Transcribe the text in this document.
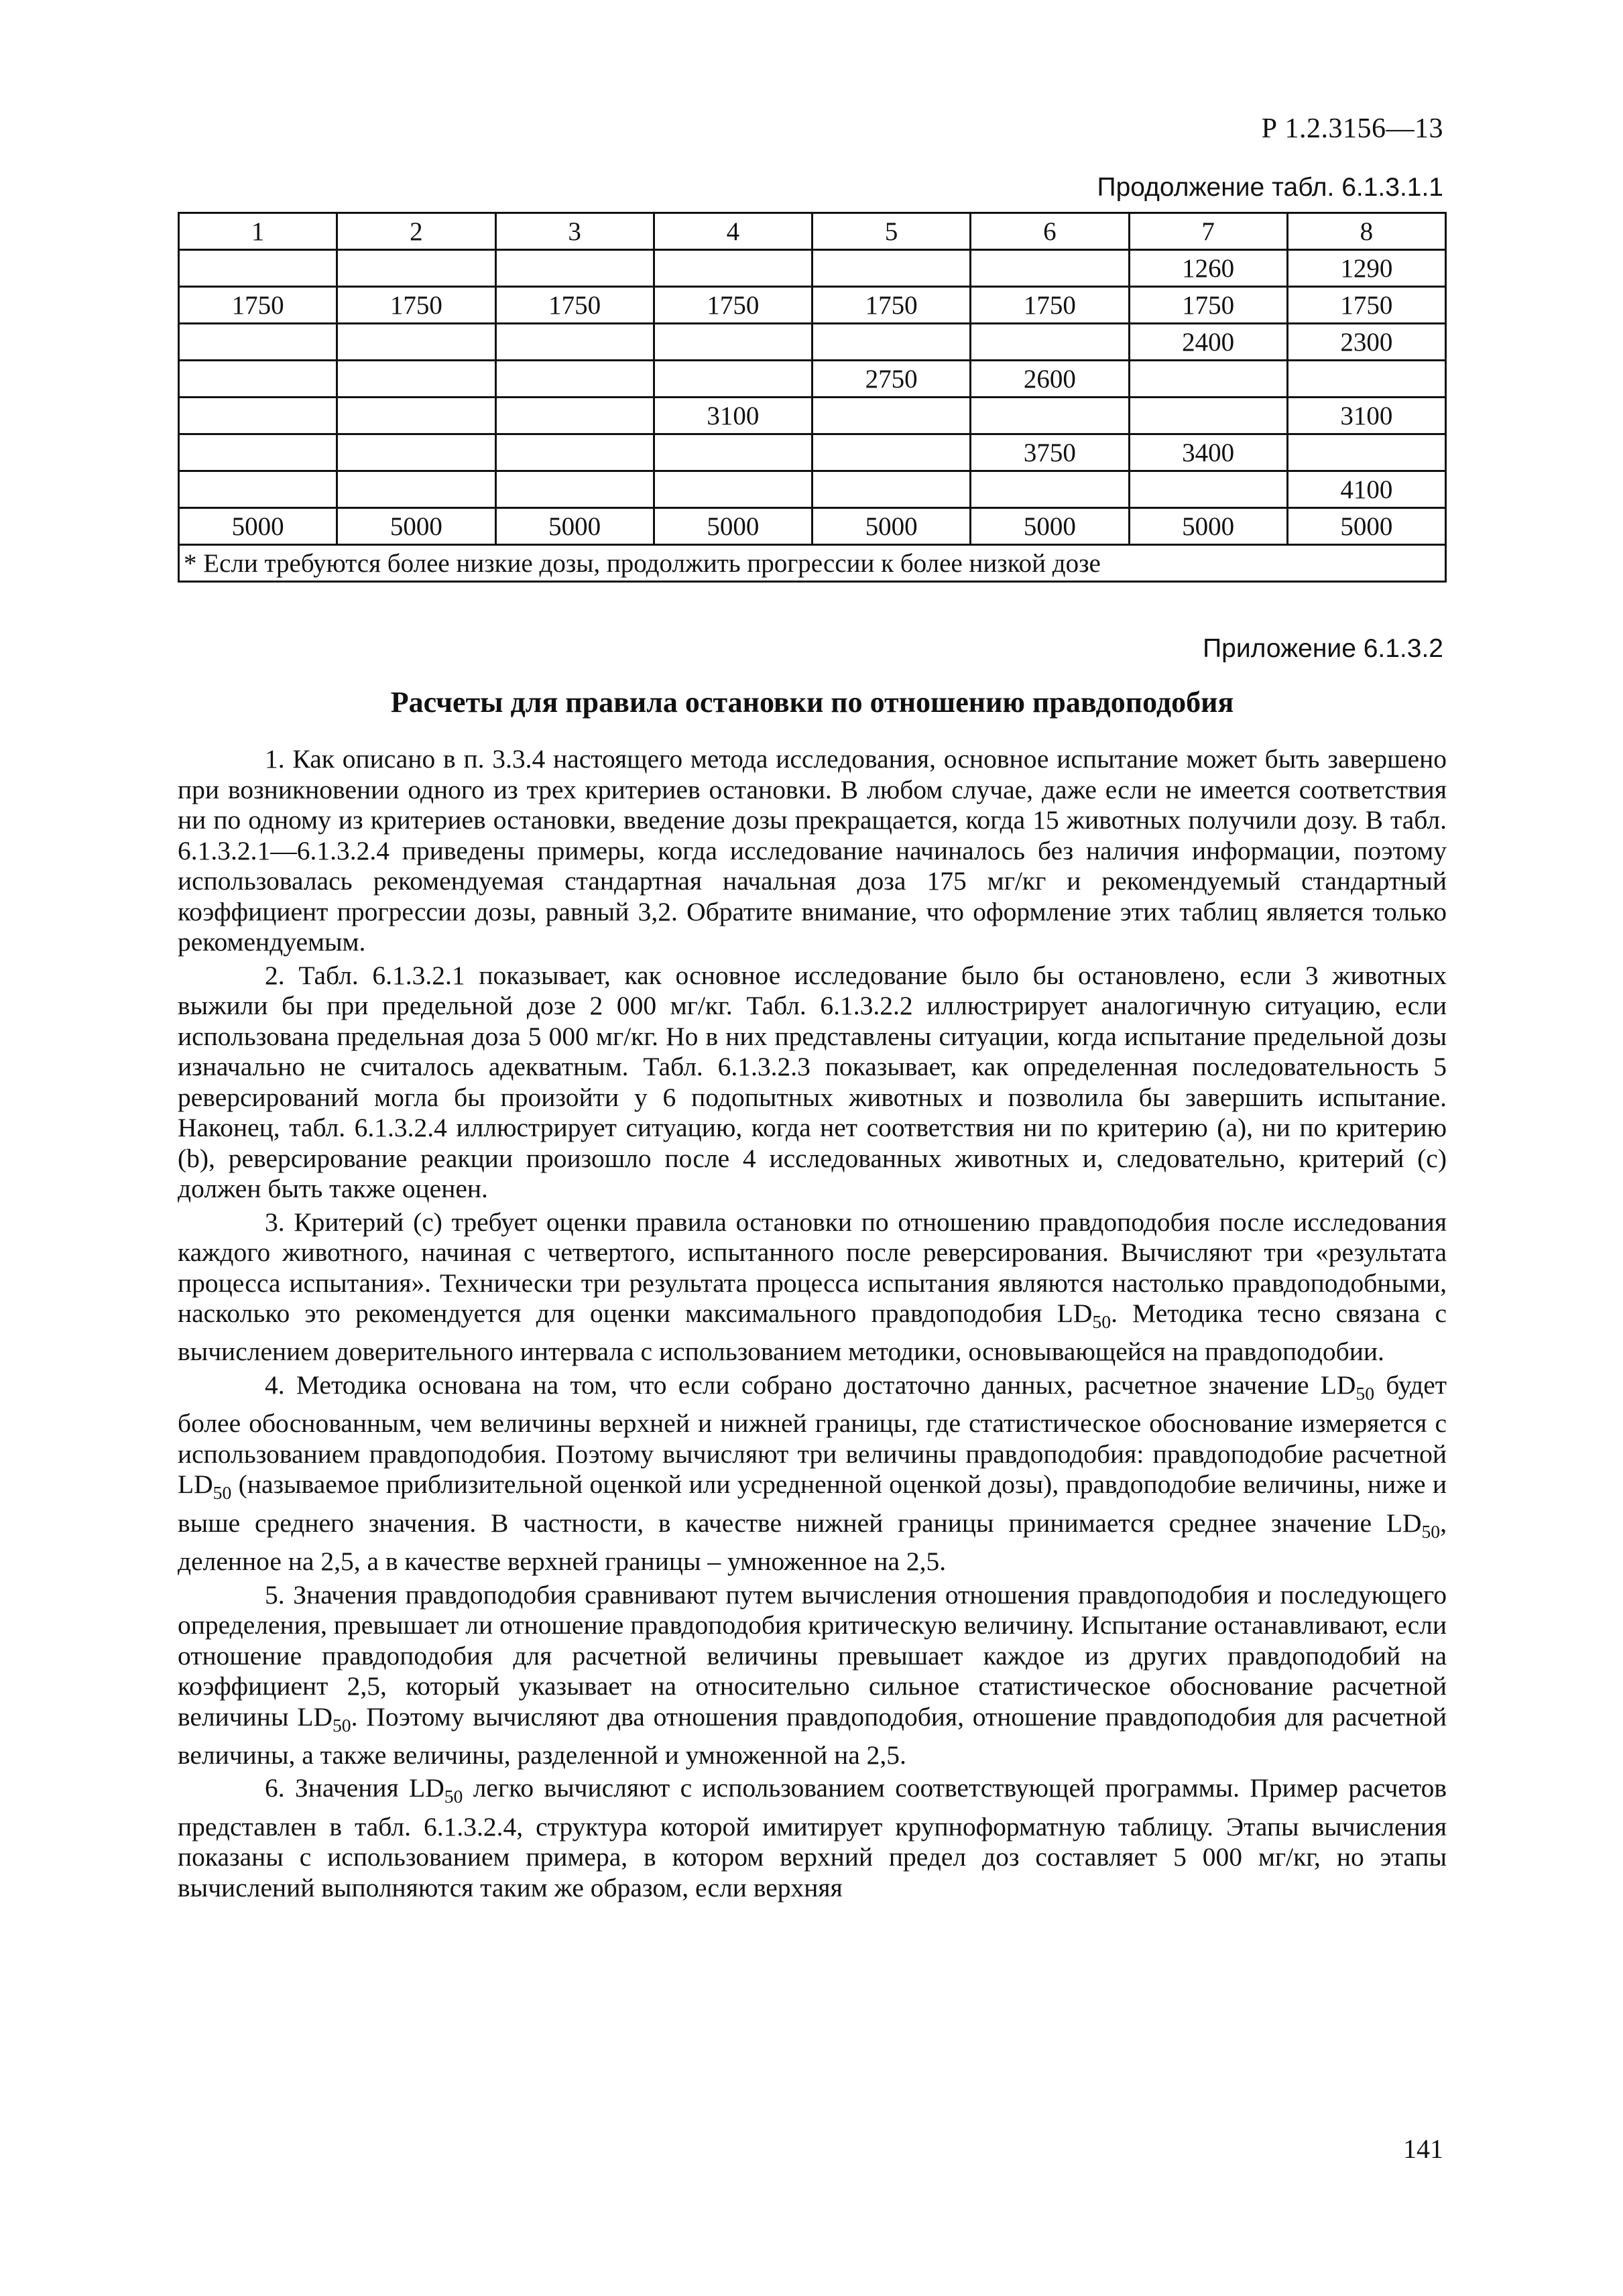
Р 1.2.3156—13
Продолжение табл. 6.1.3.1.1
1	2	3	4	5	6	7	8
						1260	1290
1750	1750	1750	1750	1750	1750	1750	1750
						2400	2300
				2750	2600		
			3100				3100
					3750	3400	
							4100
5000	5000	5000	5000	5000	5000	5000	5000
* Если требуются более низкие дозы, продолжить прогрессии к более низкой дозе							
Приложение 6.1.3.2
Расчеты для правила остановки по отношению правдоподобия

1. Как описано в п. 3.3.4 настоящего метода исследования, основное испытание может быть завершено при возникновении одного из трех критериев остановки. В любом случае, даже если не имеется соответствия ни по одному из критериев остановки, введение дозы прекращается, когда 15 животных получили дозу. В табл. 6.1.3.2.1—6.1.3.2.4 приведены примеры, когда исследование начиналось без наличия информации, поэтому использовалась рекомендуемая стандартная начальная доза 175 мг/кг и рекомендуемый стандартный коэффициент прогрессии дозы, равный 3,2. Обратите внимание, что оформление этих таблиц является только рекомендуемым.

2. Табл. 6.1.3.2.1 показывает, как основное исследование было бы остановлено, если 3 животных выжили бы при предельной дозе 2 000 мг/кг. Табл. 6.1.3.2.2 иллюстрирует аналогичную ситуацию, если использована предельная доза 5 000 мг/кг. Но в них представлены ситуации, когда испытание предельной дозы изначально не считалось адекватным. Табл. 6.1.3.2.3 показывает, как определенная последовательность 5 реверсирований могла бы произойти у 6 подопытных животных и позволила бы завершить испытание. Наконец, табл. 6.1.3.2.4 иллюстрирует ситуацию, когда нет соответствия ни по критерию (а), ни по критерию (b), реверсирование реакции произошло после 4 исследованных животных и, следовательно, критерий (с) должен быть также оценен.

3. Критерий (с) требует оценки правила остановки по отношению правдоподобия после исследования каждого животного, начиная с четвертого, испытанного после реверсирования. Вычисляют три «результата процесса испытания». Технически три результата процесса испытания являются настолько правдоподобными, насколько это рекомендуется для оценки максимального правдоподобия $LD_{50}$. Методика тесно связана с вычислением доверительного интервала с использованием методики, основывающейся на правдоподобии.

4. Методика основана на том, что если собрано достаточно данных, расчетное значение $LD_{50}$ будет более обоснованным, чем величины верхней и нижней границы, где статистическое обоснование измеряется с использованием правдоподобия. Поэтому вычисляют три величины правдоподобия: правдоподобие расчетной $LD_{50}$ (называемое приблизительной оценкой или усредненной оценкой дозы), правдоподобие величины, ниже и выше среднего значения. В частности, в качестве нижней границы принимается среднее значение $LD_{50}$, деленное на 2,5, а в качестве верхней границы – умноженное на 2,5.

5. Значения правдоподобия сравнивают путем вычисления отношения правдоподобия и последующего определения, превышает ли отношение правдоподобия критическую величину. Испытание останавливают, если отношение правдоподобия для расчетной величины превышает каждое из других правдоподобий на коэффициент 2,5, который указывает на относительно сильное статистическое обоснование расчетной величины $LD_{50}$. Поэтому вычисляют два отношения правдоподобия, отношение правдоподобия для расчетной величины, а также величины, разделенной и умноженной на 2,5.

6. Значения $LD_{50}$ легко вычисляют с использованием соответствующей программы. Пример расчетов представлен в табл. 6.1.3.2.4, структура которой имитирует крупноформатную таблицу. Этапы вычисления показаны с использованием примера, в котором верхний предел доз составляет 5 000 мг/кг, но этапы вычислений выполняются таким же образом, если верхняя

141
